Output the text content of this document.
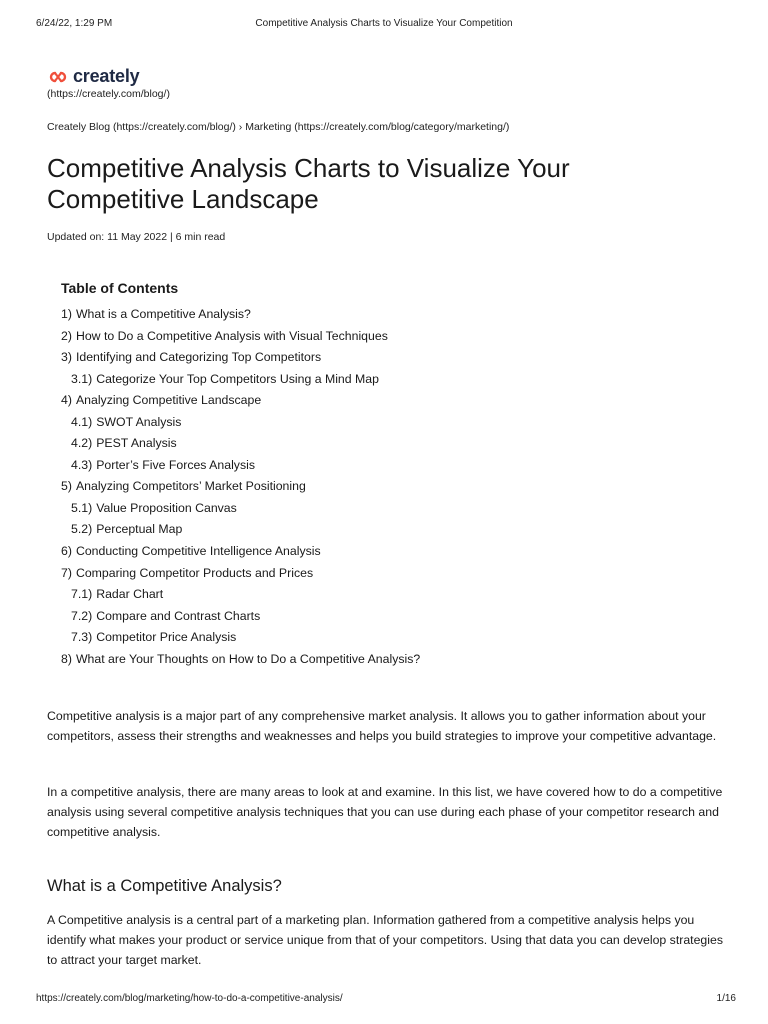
6/24/22, 1:29 PM	Competitive Analysis Charts to Visualize Your Competition
creately
(https://creately.com/blog/)
Creately Blog (https://creately.com/blog/) › Marketing (https://creately.com/blog/category/marketing/)
Competitive Analysis Charts to Visualize Your
Competitive Landscape
Updated on: 11 May 2022 | 6 min read
Table of Contents
1) What is a Competitive Analysis?
2) How to Do a Competitive Analysis with Visual Techniques
3) Identifying and Categorizing Top Competitors
3.1) Categorize Your Top Competitors Using a Mind Map
4) Analyzing Competitive Landscape
4.1) SWOT Analysis
4.2) PEST Analysis
4.3) Porter’s Five Forces Analysis
5) Analyzing Competitors’ Market Positioning
5.1) Value Proposition Canvas
5.2) Perceptual Map
6) Conducting Competitive Intelligence Analysis
7) Comparing Competitor Products and Prices
7.1) Radar Chart
7.2) Compare and Contrast Charts
7.3) Competitor Price Analysis
8) What are Your Thoughts on How to Do a Competitive Analysis?

Competitive analysis is a major part of any comprehensive market analysis. It allows you to gather information about your competitors, assess their strengths and weaknesses and helps you build strategies to improve your competitive advantage.

In a competitive analysis, there are many areas to look at and examine. In this list, we have covered how to do a competitive analysis using several competitive analysis techniques that you can use during each phase of your competitor research and competitive analysis.

What is a Competitive Analysis?

A Competitive analysis is a central part of a marketing plan. Information gathered from a competitive analysis helps you identify what makes your product or service unique from that of your competitors. Using that data you can develop strategies to attract your target market.

https://creately.com/blog/marketing/how-to-do-a-competitive-analysis/	1/16
